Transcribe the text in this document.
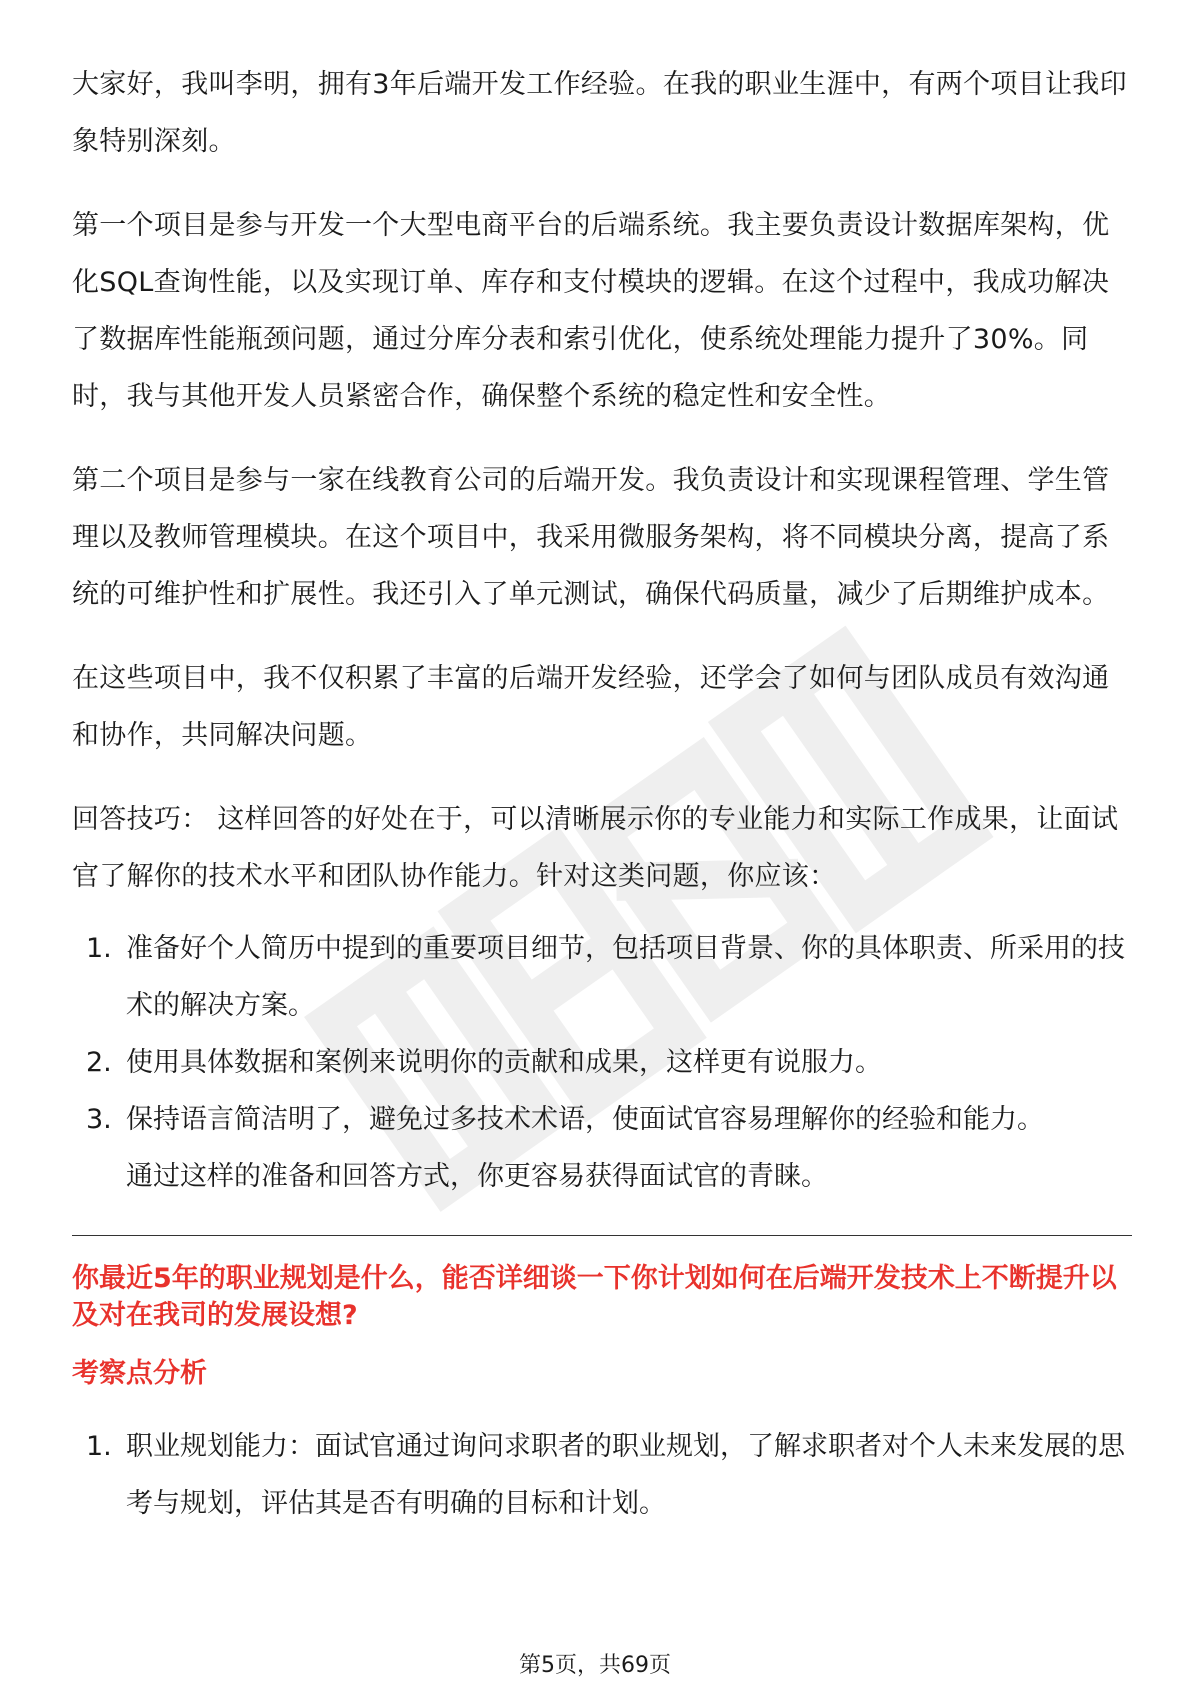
大家好，我叫李明，拥有3年后端开发工作经验。在我的职业生涯中，有两个项目让我印象特别深刻。

第一个项目是参与开发一个大型电商平台的后端系统。我主要负责设计数据库架构，优化SQL查询性能，以及实现订单、库存和支付模块的逻辑。在这个过程中，我成功解决了数据库性能瓶颈问题，通过分库分表和索引优化，使系统处理能力提升了30%。同时，我与其他开发人员紧密合作，确保整个系统的稳定性和安全性。

第二个项目是参与一家在线教育公司的后端开发。我负责设计和实现课程管理、学生管理以及教师管理模块。在这个项目中，我采用微服务架构，将不同模块分离，提高了系统的可维护性和扩展性。我还引入了单元测试，确保代码质量，减少了后期维护成本。

在这些项目中，我不仅积累了丰富的后端开发经验，还学会了如何与团队成员有效沟通和协作，共同解决问题。

回答技巧： 这样回答的好处在于，可以清晰展示你的专业能力和实际工作成果，让面试官了解你的技术水平和团队协作能力。针对这类问题，你应该：

1. 准备好个人简历中提到的重要项目细节，包括项目背景、你的具体职责、所采用的技术的解决方案。
2. 使用具体数据和案例来说明你的贡献和成果，这样更有说服力。
3. 保持语言简洁明了，避免过多技术术语，使面试官容易理解你的经验和能力。
通过这样的准备和回答方式，你更容易获得面试官的青睐。
你最近5年的职业规划是什么，能否详细谈一下你计划如何在后端开发技术上不断提升以及对在我司的发展设想?
考察点分析
1. 职业规划能力：面试官通过询问求职者的职业规划，了解求职者对个人未来发展的思考与规划，评估其是否有明确的目标和计划。
第5页，共69页
